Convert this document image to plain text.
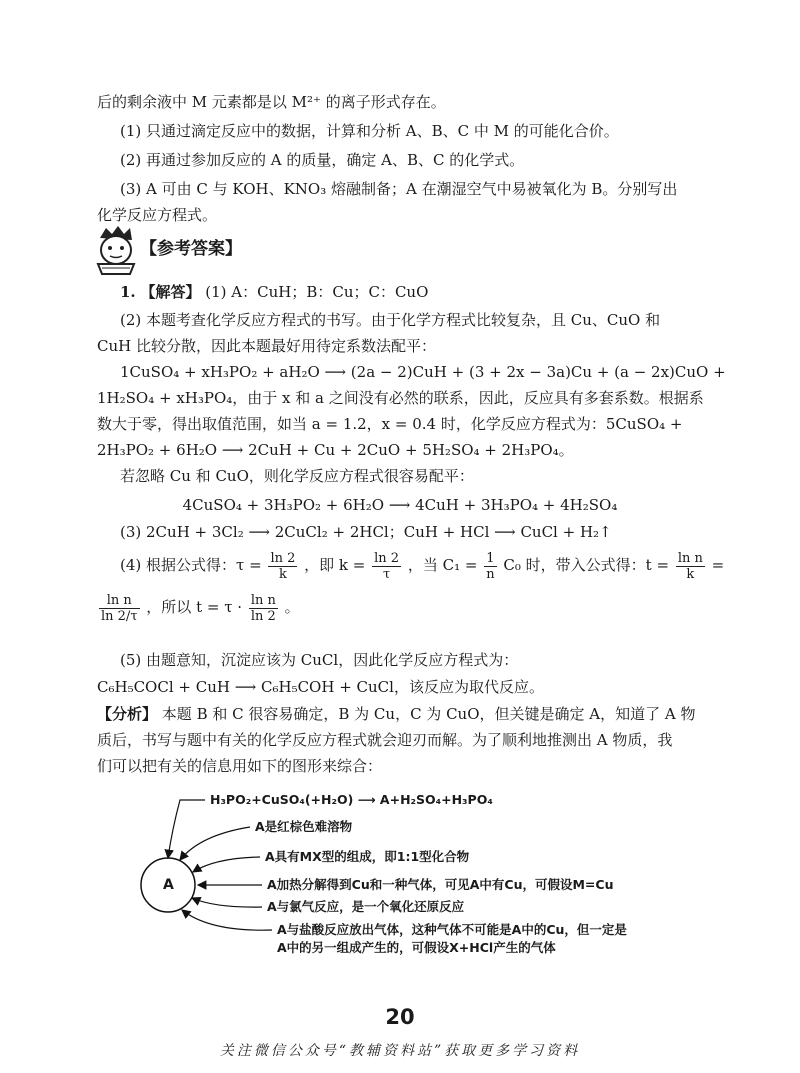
后的剩余液中 M 元素都是以 M²⁺ 的离子形式存在。
(1) 只通过滴定反应中的数据，计算和分析 A、B、C 中 M 的可能化合价。
(2) 再通过参加反应的 A 的质量，确定 A、B、C 的化学式。
(3) A 可由 C 与 KOH、KNO₃ 熔融制备；A 在潮湿空气中易被氧化为 B。分别写出
化学反应方程式。
【参考答案】
1. 【解答】 (1) A：CuH；B：Cu；C：CuO
(2) 本题考查化学反应方程式的书写。由于化学方程式比较复杂，且 Cu、CuO 和
CuH 比较分散，因此本题最好用待定系数法配平：
1CuSO₄ + xH₃PO₂ + aH₂O ⟶ (2a − 2)CuH + (3 + 2x − 3a)Cu + (a − 2x)CuO +
1H₂SO₄ + xH₃PO₄，由于 x 和 a 之间没有必然的联系，因此，反应具有多套系数。根据系
数大于零，得出取值范围，如当 a = 1.2，x = 0.4 时，化学反应方程式为：5CuSO₄ +
2H₃PO₂ + 6H₂O ⟶ 2CuH + Cu + 2CuO + 5H₂SO₄ + 2H₃PO₄。
若忽略 Cu 和 CuO，则化学反应方程式很容易配平：
4CuSO₄ + 3H₃PO₂ + 6H₂O ⟶ 4CuH + 3H₃PO₄ + 4H₂SO₄
(3) 2CuH + 3Cl₂ ⟶ 2CuCl₂ + 2HCl；CuH + HCl ⟶ CuCl + H₂↑
(4) 根据公式得：$\tau = \frac{\ln 2}{k}$ ，即 $k = \frac{\ln 2}{\tau}$ ，当 $C_1 = \frac{1}{n} C_0$ 时，带入公式得：$t = \frac{\text{ln n}}{k}$ =
$\frac{\text{ln n}}{\ln 2/\tau}$ ，所以 $t = \tau \cdot \frac{\text{ln n}}{\ln 2}$ 。
(5) 由题意知，沉淀应该为 CuCl，因此化学反应方程式为：
C₆H₅COCl + CuH ⟶ C₆H₅COH + CuCl，该反应为取代反应。
【分析】 本题 B 和 C 很容易确定，B 为 Cu，C 为 CuO，但关键是确定 A，知道了 A 物
质后，书写与题中有关的化学反应方程式就会迎刃而解。为了顺利地推测出 A 物质，我
们可以把有关的信息用如下的图形来综合：
A
H₃PO₂+CuSO₄(+H₂O) ⟶ A+H₂SO₄+H₃PO₄
A是红棕色难溶物
A具有MX型的组成，即1:1型化合物
A加热分解得到Cu和一种气体，可见A中有Cu，可假设M=Cu
A与氯气反应，是一个氧化还原反应
A与盐酸反应放出气体，这种气体不可能是A中的Cu，但一定是
A中的另一组成产生的，可假设X+HCl产生的气体
20
关注微信公众号“教辅资料站”获取更多学习资料
